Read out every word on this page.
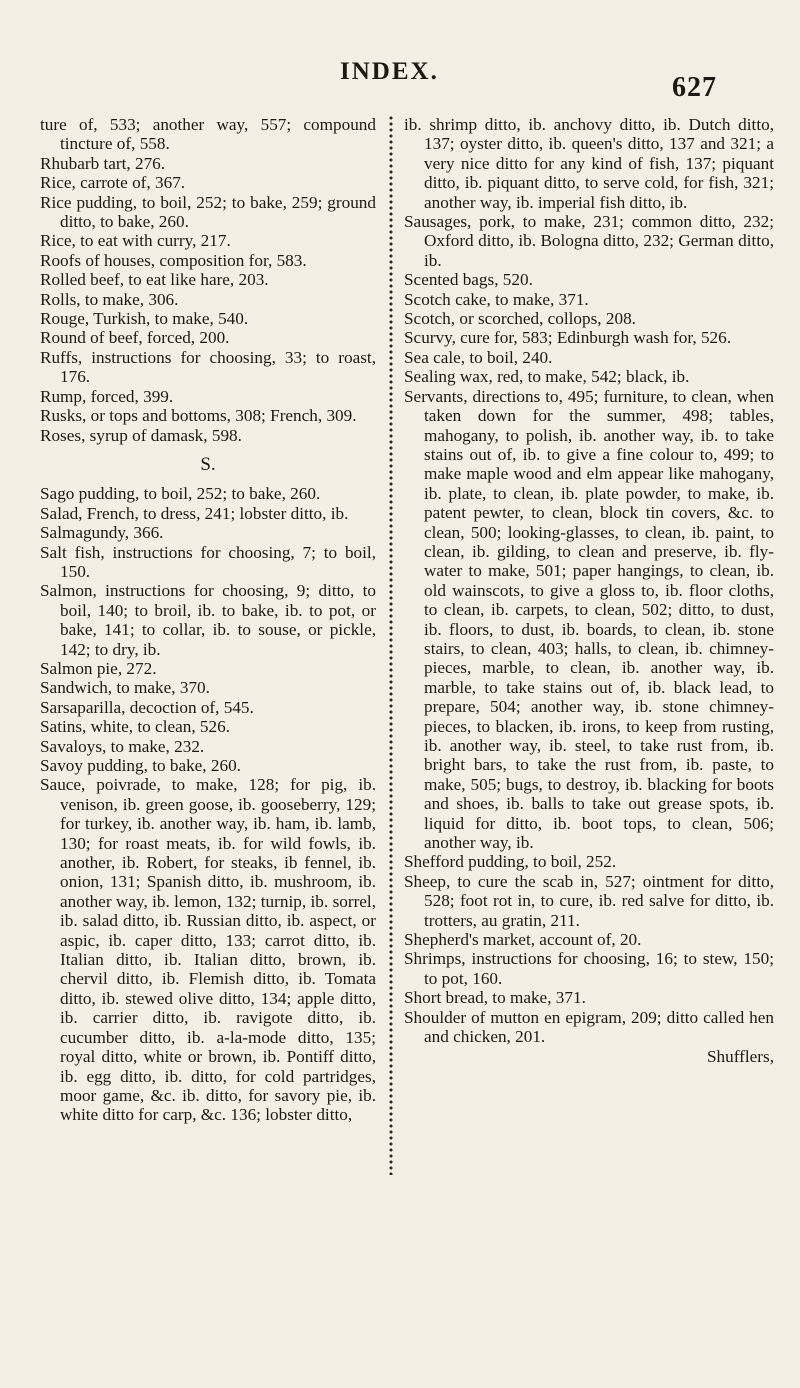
INDEX.
627

ture of, 533; another way, 557; compound tincture of, 558.

Rhubarb tart, 276.

Rice, carrote of, 367.

Rice pudding, to boil, 252; to bake, 259; ground ditto, to bake, 260.

Rice, to eat with curry, 217.

Roofs of houses, composition for, 583.

Rolled beef, to eat like hare, 203.

Rolls, to make, 306.

Rouge, Turkish, to make, 540.

Round of beef, forced, 200.

Ruffs, instructions for choosing, 33; to roast, 176.

Rump, forced, 399.

Rusks, or tops and bottoms, 308; French, 309.

Roses, syrup of damask, 598.

S.

Sago pudding, to boil, 252; to bake, 260.

Salad, French, to dress, 241; lobster ditto, ib.

Salmagundy, 366.

Salt fish, instructions for choosing, 7; to boil, 150.

Salmon, instructions for choosing, 9; ditto, to boil, 140; to broil, ib. to bake, ib. to pot, or bake, 141; to collar, ib. to souse, or pickle, 142; to dry, ib.

Salmon pie, 272.

Sandwich, to make, 370.

Sarsaparilla, decoction of, 545.

Satins, white, to clean, 526.

Savaloys, to make, 232.

Savoy pudding, to bake, 260.

Sauce, poivrade, to make, 128; for pig, ib. venison, ib. green goose, ib. gooseberry, 129; for turkey, ib. another way, ib. ham, ib. lamb, 130; for roast meats, ib. for wild fowls, ib. another, ib. Robert, for steaks, ib fennel, ib. onion, 131; Spanish ditto, ib. mushroom, ib. another way, ib. lemon, 132; turnip, ib. sorrel, ib. salad ditto, ib. Russian ditto, ib. aspect, or aspic, ib. caper ditto, 133; carrot ditto, ib. Italian ditto, ib. Italian ditto, brown, ib. chervil ditto, ib. Flemish ditto, ib. Tomata ditto, ib. stewed olive ditto, 134; apple ditto, ib. carrier ditto, ib. ravigote ditto, ib. cucumber ditto, ib. a-la-mode ditto, 135; royal ditto, white or brown, ib. Pontiff ditto, ib. egg ditto, ib. ditto, for cold partridges, moor game, &c. ib. ditto, for savory pie, ib. white ditto for carp, &c. 136; lobster ditto,

ib. shrimp ditto, ib. anchovy ditto, ib. Dutch ditto, 137; oyster ditto, ib. queen's ditto, 137 and 321; a very nice ditto for any kind of fish, 137; piquant ditto, ib. piquant ditto, to serve cold, for fish, 321; another way, ib. imperial fish ditto, ib.

Sausages, pork, to make, 231; common ditto, 232; Oxford ditto, ib. Bologna ditto, 232; German ditto, ib.

Scented bags, 520.

Scotch cake, to make, 371.

Scotch, or scorched, collops, 208.

Scurvy, cure for, 583; Edinburgh wash for, 526.

Sea cale, to boil, 240.

Sealing wax, red, to make, 542; black, ib.

Servants, directions to, 495; furniture, to clean, when taken down for the summer, 498; tables, mahogany, to polish, ib. another way, ib. to take stains out of, ib. to give a fine colour to, 499; to make maple wood and elm appear like mahogany, ib. plate, to clean, ib. plate powder, to make, ib. patent pewter, to clean, block tin covers, &c. to clean, 500; looking-glasses, to clean, ib. paint, to clean, ib. gilding, to clean and preserve, ib. fly-water to make, 501; paper hangings, to clean, ib. old wainscots, to give a gloss to, ib. floor cloths, to clean, ib. carpets, to clean, 502; ditto, to dust, ib. floors, to dust, ib. boards, to clean, ib. stone stairs, to clean, 403; halls, to clean, ib. chimney-pieces, marble, to clean, ib. another way, ib. marble, to take stains out of, ib. black lead, to prepare, 504; another way, ib. stone chimney-pieces, to blacken, ib. irons, to keep from rusting, ib. another way, ib. steel, to take rust from, ib. bright bars, to take the rust from, ib. paste, to make, 505; bugs, to destroy, ib. blacking for boots and shoes, ib. balls to take out grease spots, ib. liquid for ditto, ib. boot tops, to clean, 506; another way, ib.

Shefford pudding, to boil, 252.

Sheep, to cure the scab in, 527; ointment for ditto, 528; foot rot in, to cure, ib. red salve for ditto, ib. trotters, au gratin, 211.

Shepherd's market, account of, 20.

Shrimps, instructions for choosing, 16; to stew, 150; to pot, 160.

Short bread, to make, 371.

Shoulder of mutton en epigram, 209; ditto called hen and chicken, 201.

Shufflers,
